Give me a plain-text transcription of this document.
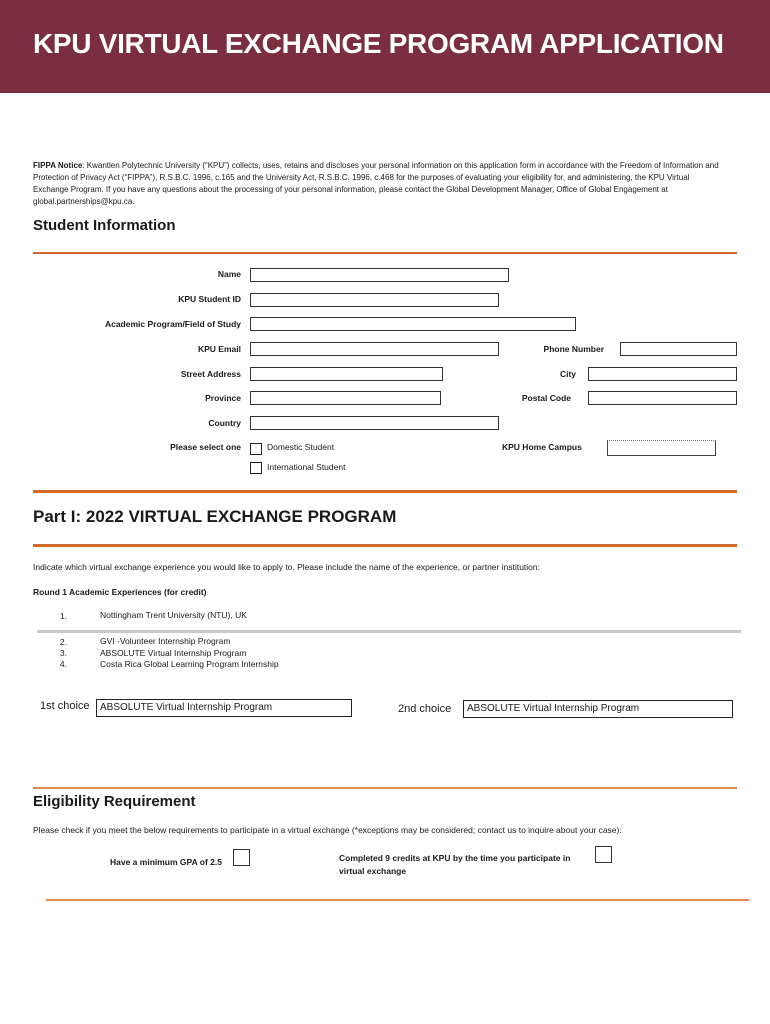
KPU VIRTUAL EXCHANGE PROGRAM APPLICATION
FIPPA Notice: Kwantlen Polytechnic University (“KPU”) collects, uses, retains and discloses your personal information on this application form in accordance with the Freedom of Information and Protection of Privacy Act (“FIPPA”), R.S.B.C. 1996, c.165 and the University Act, R.S.B.C. 1996, c.468 for the purposes of evaluating your eligibility for, and administering, the KPU Virtual Exchange Program. If you have any questions about the processing of your personal information, please contact the Global Development Manager, Office of Global Engagement at global.partnerships@kpu.ca.
Student Information
Name
KPU Student ID
Academic Program/Field of Study
KPU Email	Phone Number
Street Address	City
Province	Postal Code
Country
Please select one	Domestic Student
International Student
KPU Home Campus
Part I: 2022 VIRTUAL EXCHANGE PROGRAM
Indicate which virtual exchange experience you would like to apply to. Please include the name of the experience, or partner institution:
Round 1 Academic Experiences (for credit)
1.	Nottingham Trent University (NTU), UK
2.	GVI -Volunteer Internship Program
3.	ABSOLUTE Virtual Internship Program
4.	Costa Rica Global Learning Program Internship
1st choice	ABSOLUTE Virtual Internship Program	2nd choice	ABSOLUTE Virtual Internship Program
Eligibility Requirement
Please check if you meet the below requirements to participate in a virtual exchange (*exceptions may be considered; contact us to inquire about your case):
Have a minimum GPA of 2.5	Completed 9 credits at KPU by the time you participate in
virtual exchange
